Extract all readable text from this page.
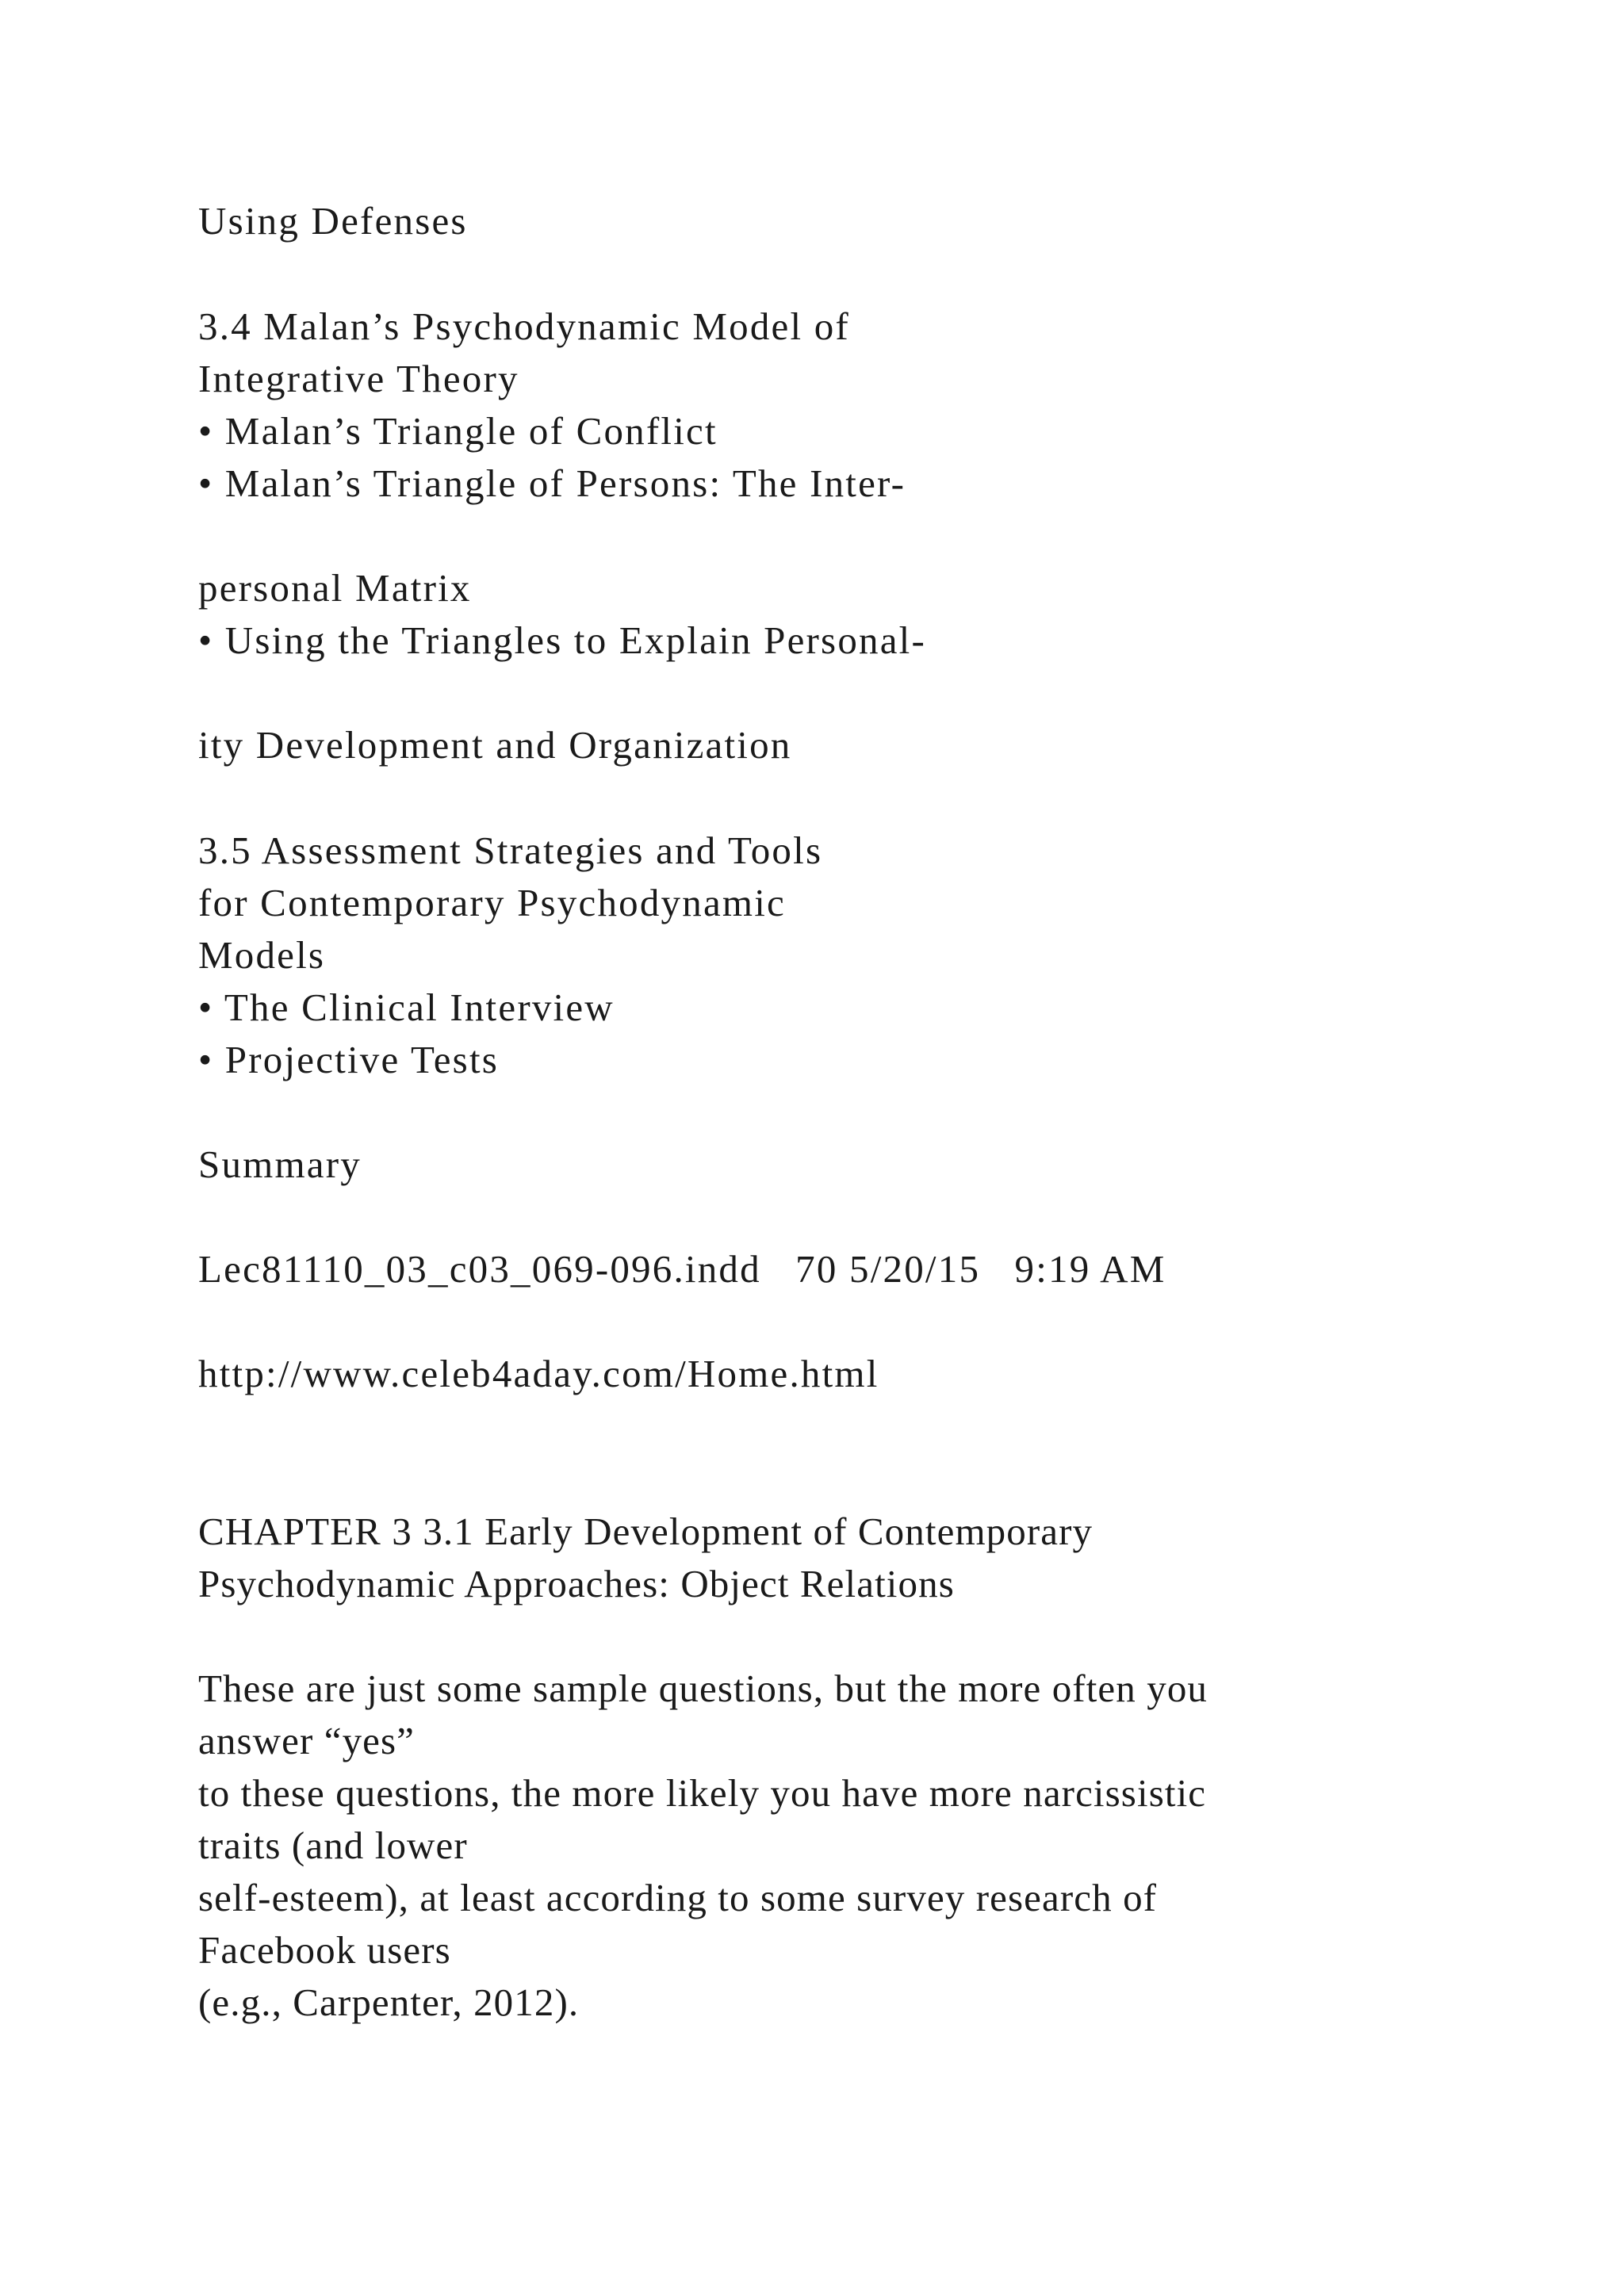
Using Defenses

3.4 Malan’s Psychodynamic Model of

Integrative Theory

• Malan’s Triangle of Conflict

• Malan’s Triangle of Persons: The Inter-

personal Matrix

• Using the Triangles to Explain Personal-

ity Development and Organization

3.5 Assessment Strategies and Tools

for Contemporary Psychodynamic

Models

• The Clinical Interview

• Projective Tests

Summary

Lec81110_03_c03_069-096.indd   70 5/20/15   9:19 AM

http://www.celeb4aday.com/Home.html

CHAPTER 3 3.1 Early Development of Contemporary

Psychodynamic Approaches: Object Relations

These are just some sample questions, but the more often you

answer “yes”

to these questions, the more likely you have more narcissistic

traits (and lower

self-esteem), at least according to some survey research of

Facebook users

(e.g., Carpenter, 2012).
